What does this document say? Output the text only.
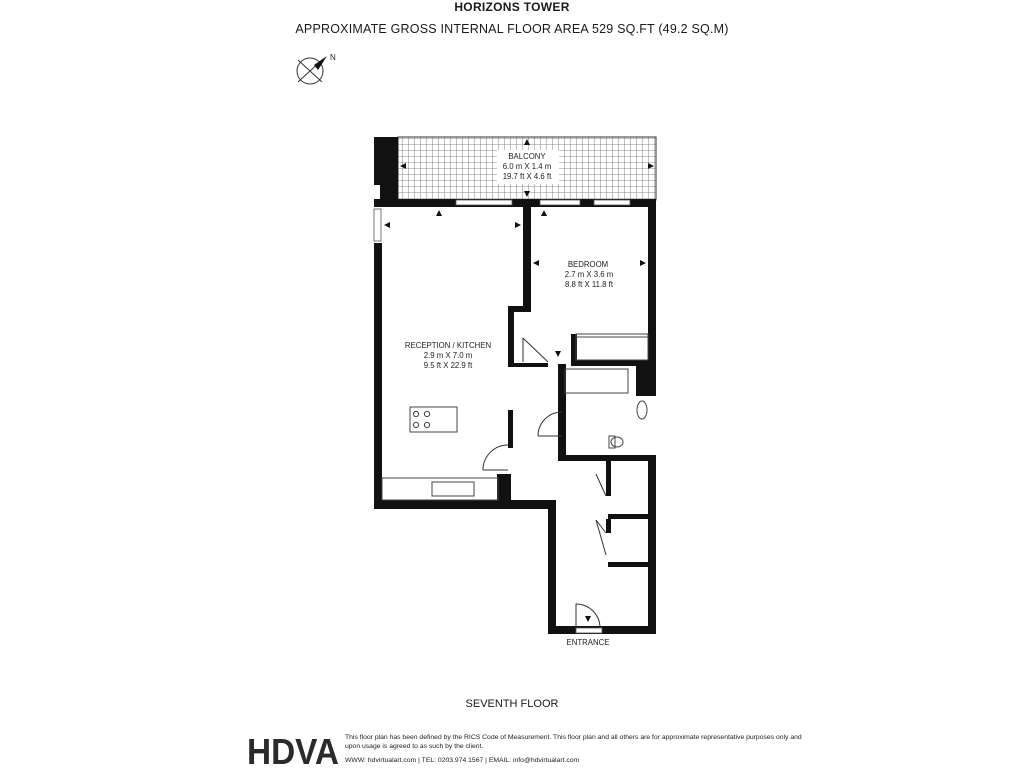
HORIZONS TOWER
APPROXIMATE GROSS INTERNAL FLOOR AREA 529 SQ.FT (49.2 SQ.M)
N
BALCONY
6.0 m X 1.4 m
19.7 ft X 4.6 ft
BEDROOM
2.7 m X 3.6 m
8.8 ft X 11.8 ft
RECEPTION / KITCHEN
2.9 m X 7.0 m
9.5 ft X 22.9 ft
ENTRANCE
SEVENTH FLOOR
HDVA This floor plan has been defined by the RICS Code of Measurement. This floor plan and all others are for approximate representative purposes only and upon usage is agreed to as such by the client.
WWW: hdvirtualart.com | TEL: 0203.974.1567 | EMAIL: info@hdvirtualart.com
